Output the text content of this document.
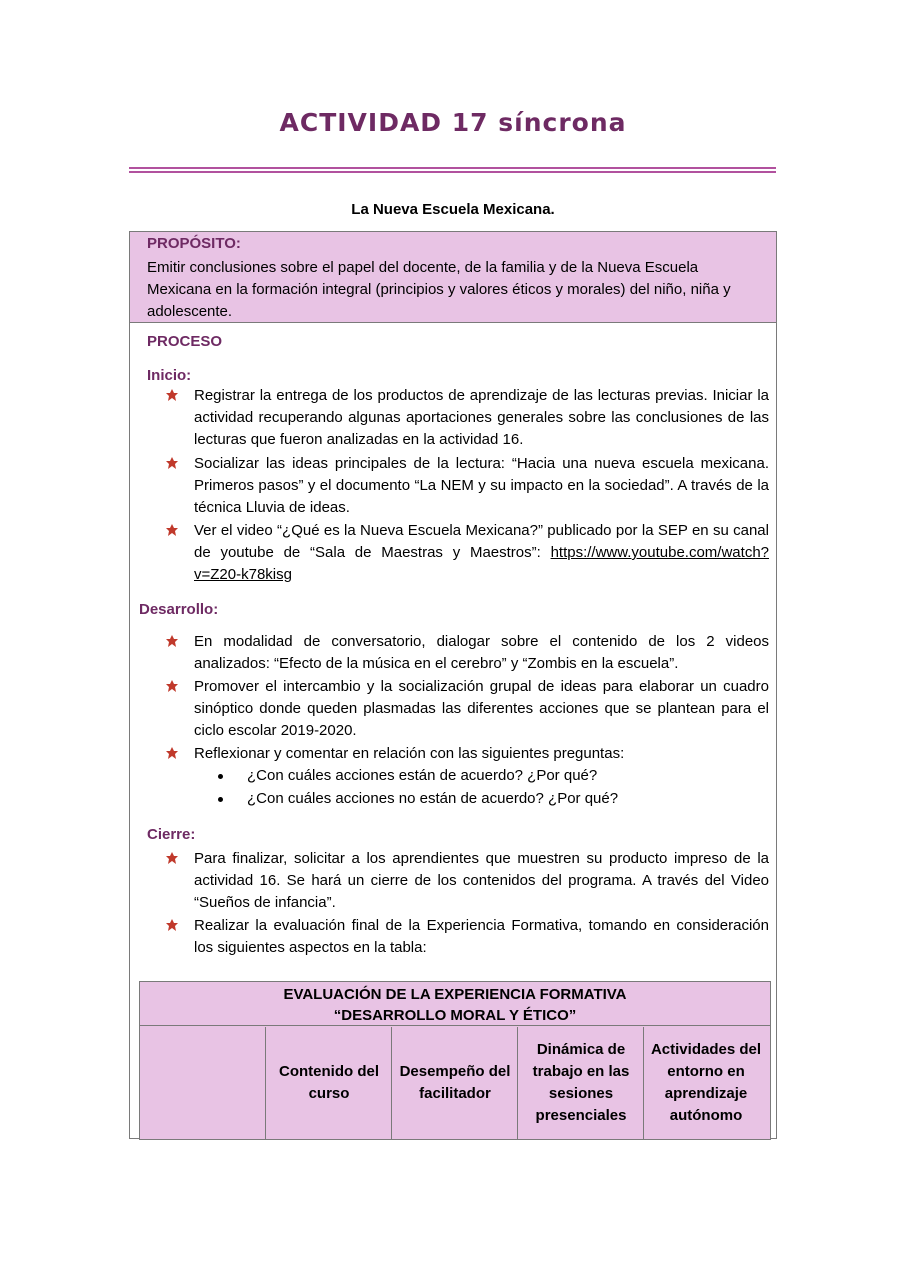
ACTIVIDAD 17 síncrona
La Nueva Escuela Mexicana.
PROPÓSITO:
Emitir conclusiones sobre el papel del docente, de la familia y de la Nueva Escuela Mexicana en la formación integral (principios y valores éticos y morales) del niño, niña y adolescente.
PROCESO
Inicio:
Registrar la entrega de los productos de aprendizaje de las lecturas previas. Iniciar la actividad recuperando algunas aportaciones generales sobre las conclusiones de las lecturas que fueron analizadas en la actividad 16.
Socializar las ideas principales de la lectura: “Hacia una nueva escuela mexicana. Primeros pasos” y el documento “La NEM y su impacto en la sociedad”. A través de la técnica Lluvia de ideas.
Ver el video “¿Qué es la Nueva Escuela Mexicana?” publicado por la SEP en su canal de youtube de “Sala de Maestras y Maestros”: https://www.youtube.com/watch?v=Z20-k78kisg
Desarrollo:
En modalidad de conversatorio, dialogar sobre el contenido de los 2 videos analizados: “Efecto de la música en el cerebro” y “Zombis en la escuela”.
Promover el intercambio y la socialización grupal de ideas para elaborar un cuadro sinóptico donde queden plasmadas las diferentes acciones que se plantean para el ciclo escolar 2019-2020.
Reflexionar y comentar en relación con las siguientes preguntas:
¿Con cuáles acciones están de acuerdo? ¿Por qué?
¿Con cuáles acciones no están de acuerdo? ¿Por qué?
Cierre:
Para finalizar, solicitar a los aprendientes que muestren su producto impreso de la actividad 16. Se hará un cierre de los contenidos del programa. A través del Video “Sueños de infancia”.
Realizar la evaluación final de la Experiencia Formativa, tomando en consideración los siguientes aspectos en la tabla:
EVALUACIÓN DE LA EXPERIENCIA FORMATIVA
“DESARROLLO MORAL Y ÉTICO”
Contenido del curso
Desempeño del facilitador
Dinámica de trabajo en las sesiones presenciales
Actividades del entorno en aprendizaje autónomo
